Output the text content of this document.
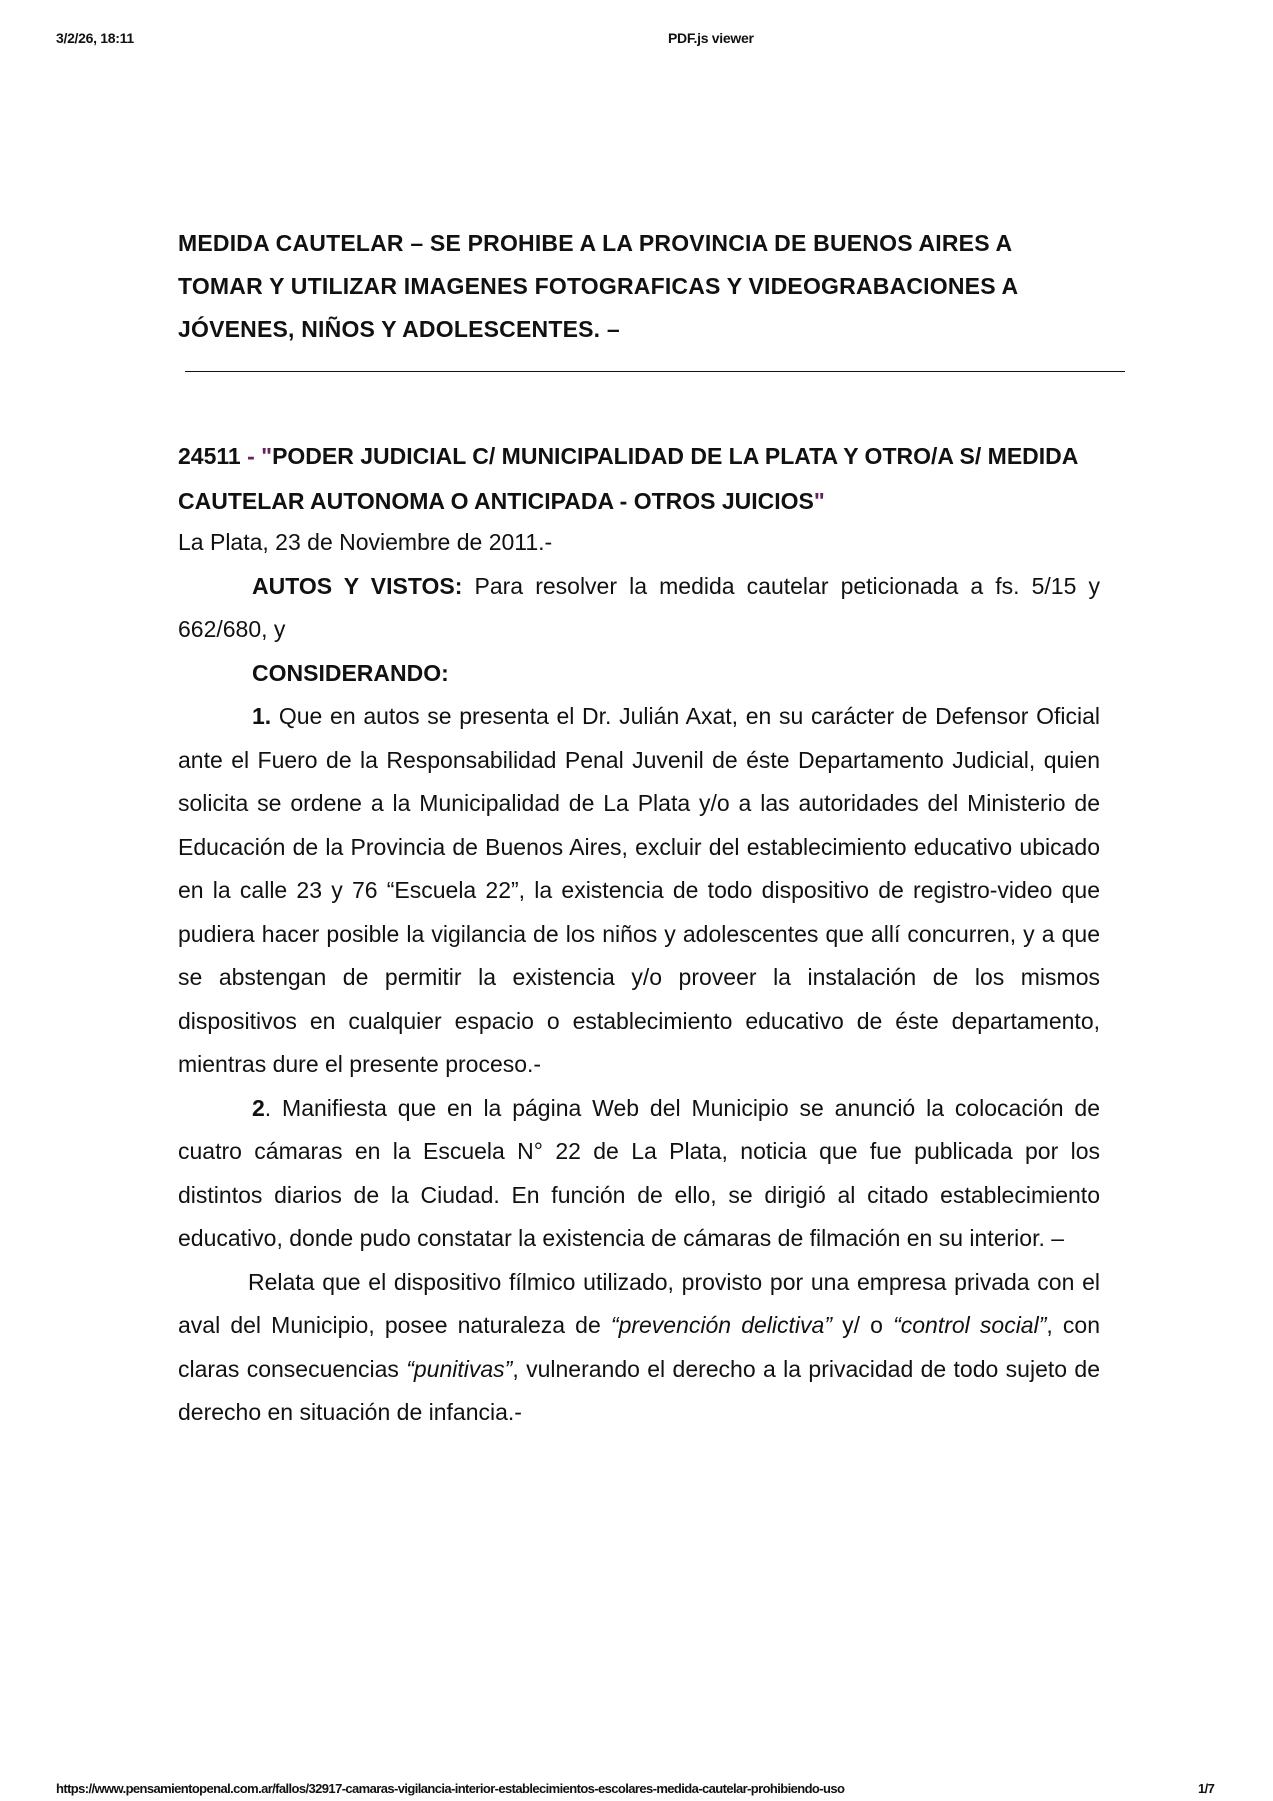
3/2/26, 18:11	PDF.js viewer
MEDIDA CAUTELAR – SE PROHIBE A LA PROVINCIA DE BUENOS AIRES A TOMAR Y UTILIZAR IMAGENES FOTOGRAFICAS Y VIDEOGRABACIONES A JÓVENES, NIÑOS Y ADOLESCENTES. –
24511 - "PODER JUDICIAL C/ MUNICIPALIDAD DE LA PLATA Y OTRO/A S/ MEDIDA CAUTELAR AUTONOMA O ANTICIPADA - OTROS JUICIOS"

La Plata, 23 de Noviembre de 2011.-

AUTOS Y VISTOS: Para resolver la medida cautelar peticionada a fs. 5/15 y 662/680, y

CONSIDERANDO:

1. Que en autos se presenta el Dr. Julián Axat, en su carácter de Defensor Oficial ante el Fuero de la Responsabilidad Penal Juvenil de éste Departamento Judicial, quien solicita se ordene a la Municipalidad de La Plata y/o a las autoridades del Ministerio de Educación de la Provincia de Buenos Aires, excluir del establecimiento educativo ubicado en la calle 23 y 76 “Escuela 22”, la existencia de todo dispositivo de registro-video que pudiera hacer posible la vigilancia de los niños y adolescentes que allí concurren, y a que se abstengan de permitir la existencia y/o proveer la instalación de los mismos dispositivos en cualquier espacio o establecimiento educativo de éste departamento, mientras dure el presente proceso.-

2. Manifiesta que en la página Web del Municipio se anunció la colocación de cuatro cámaras en la Escuela N° 22 de La Plata, noticia que fue publicada por los distintos diarios de la Ciudad. En función de ello, se dirigió al citado establecimiento educativo, donde pudo constatar la existencia de cámaras de filmación en su interior. –

Relata que el dispositivo fílmico utilizado, provisto por una empresa privada con el aval del Municipio, posee naturaleza de “prevención delictiva” y/ o “control social”, con claras consecuencias “punitivas”, vulnerando el derecho a la privacidad de todo sujeto de derecho en situación de infancia.-

https://www.pensamientopenal.com.ar/fallos/32917-camaras-vigilancia-interior-establecimientos-escolares-medida-cautelar-prohibiendo-uso	1/7
